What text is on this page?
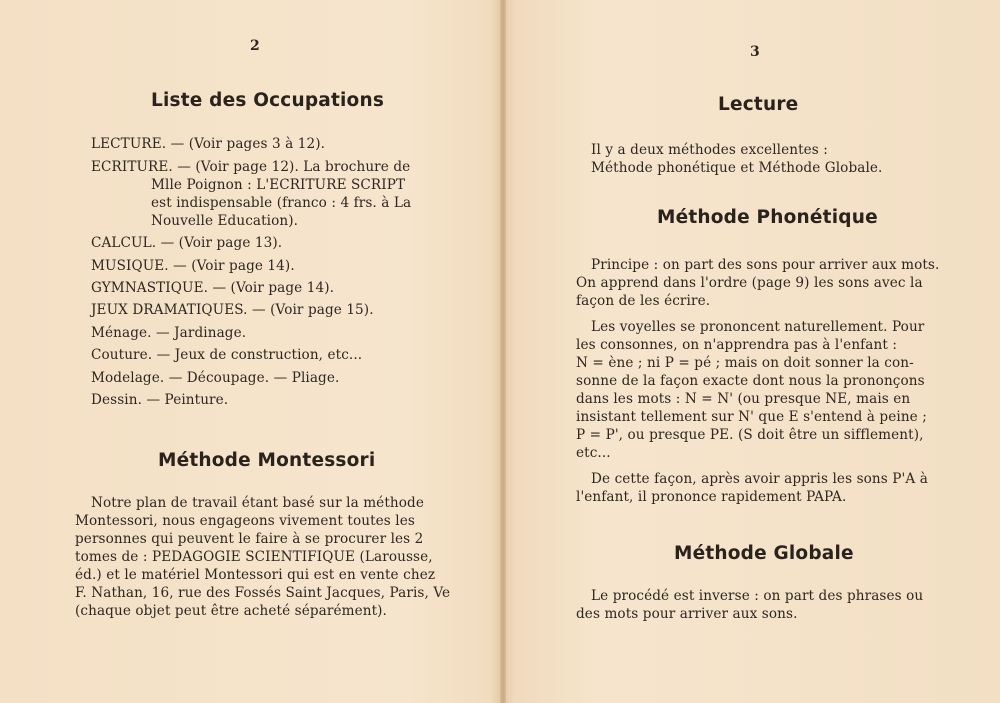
2
Liste des Occupations
LECTURE. — (Voir pages 3 à 12).
ECRITURE. — (Voir page 12). La brochure de
Mlle Poignon : L'ECRITURE SCRIPT
est indispensable (franco : 4 frs. à La
Nouvelle Education).
CALCUL. — (Voir page 13).
MUSIQUE. — (Voir page 14).
GYMNASTIQUE. — (Voir page 14).
JEUX DRAMATIQUES. — (Voir page 15).
Ménage. — Jardinage.
Couture. — Jeux de construction, etc...
Modelage. — Découpage. — Pliage.
Dessin. — Peinture.
Méthode Montessori
Notre plan de travail étant basé sur la méthode
Montessori, nous engageons vivement toutes les
personnes qui peuvent le faire à se procurer les 2
tomes de : PEDAGOGIE SCIENTIFIQUE (Larousse,
éd.) et le matériel Montessori qui est en vente chez
F. Nathan, 16, rue des Fossés Saint Jacques, Paris, Ve
(chaque objet peut être acheté séparément).
3
Lecture
Il y a deux méthodes excellentes :
Méthode phonétique et Méthode Globale.
Méthode Phonétique
Principe : on part des sons pour arriver aux mots.
On apprend dans l'ordre (page 9) les sons avec la
façon de les écrire.
Les voyelles se prononcent naturellement. Pour
les consonnes, on n'apprendra pas à l'enfant :
N = ène ; ni P = pé ; mais on doit sonner la con-
sonne de la façon exacte dont nous la prononçons
dans les mots : N = N' (ou presque NE, mais en
insistant tellement sur N' que E s'entend à peine ;
P = P', ou presque PE. (S doit être un sifflement),
etc...
De cette façon, après avoir appris les sons P'A à
l'enfant, il prononce rapidement PAPA.
Méthode Globale
Le procédé est inverse : on part des phrases ou
des mots pour arriver aux sons.
